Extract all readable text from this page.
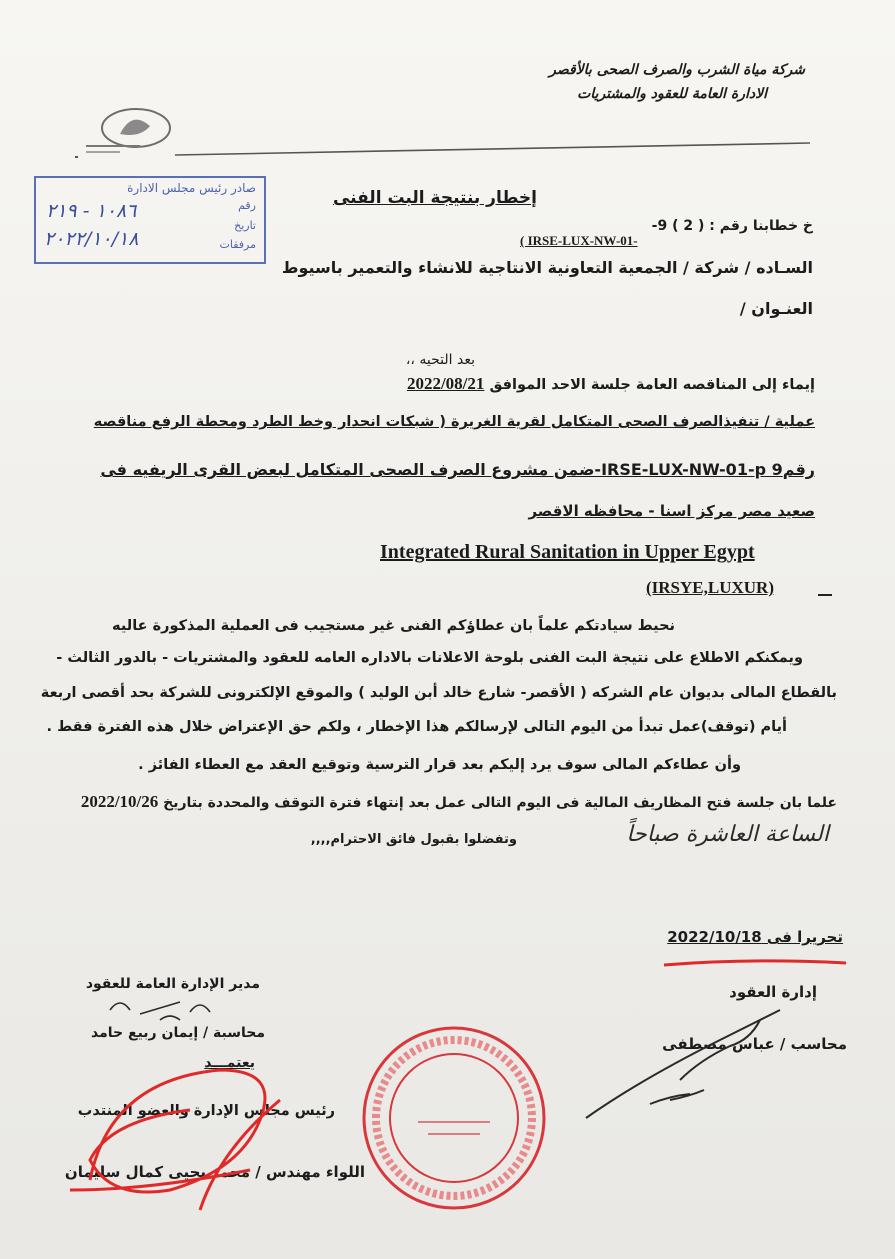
شركة مياة الشرب والصرف الصحى بالأقصر
الادارة العامة للعقود والمشتريات
صادر رئيس مجلس الادارة
رقم
١٠٨٦ - ٢١٩
تاريخ
٢٠٢٢/١٠/١٨	مرفقات
إخطار بنتيجة البت الفنى
خ خطابنا رقم : ( 2 ) 9-
( IRSE-LUX-NW-01-
السـاده / شركة / الجمعية التعاونية الانتاجية للانشاء والتعمير باسيوط
العنـوان /
بعد التحيه ،،
إيماء إلى المناقصه العامة جلسة الاحد الموافق 2022/08/21
عملية / تنفيذالصرف الصحى المتكامل لقرية الغريرة ( شبكات انحدار وخط الطرد ومحطة الرفع مناقصه
رقم9 IRSE-LUX-NW-01-p-ضمن مشروع الصرف الصحى المتكامل لبعض القرى الريفيه فى
صعيد مصر مركز اسنا - محافظه الاقصر
Integrated Rural Sanitation in Upper Egypt
(IRSYE,LUXUR)
نحيط سيادتكم علماً بان عطاؤكم الفنى غير مستجيب فى العملية المذكورة عاليه
ويمكنكم الاطلاع على نتيجة البت الفنى بلوحة الاعلانات بالاداره العامه للعقود والمشتريات - بالدور الثالث -
بالقطاع المالى بديوان عام الشركه ( الأقصر- شارع خالد أبن الوليد ) والموقع الإلكترونى للشركة بحد أقصى اربعة
أيام (توقف)عمل تبدأ من اليوم التالى لإرسالكم هذا الإخطار ، ولكم حق الإعتراض خلال هذه الفترة فقط .
وأن عطاءكم المالى سوف يرد إليكم بعد قرار الترسية وتوقيع العقد مع العطاء الفائز .
علما بان جلسة فتح المظاريف المالية فى اليوم التالى عمل بعد إنتهاء فترة التوقف والمحددة بتاريخ 2022/10/26
وتفضلوا بقبول فائق الاحترام,,,,	الساعة العاشرة صباحاً
تحريرا فى 2022/10/18
إدارة العقود
محاسب / عباس مصطفى
مدير الإدارة العامة للعقود
محاسبة / إيمان ربيع حامد
يعتمـــد
رئيس مجلس الإدارة والعضو المنتدب
اللواء مهندس / محمد يحيى كمال سليمان
